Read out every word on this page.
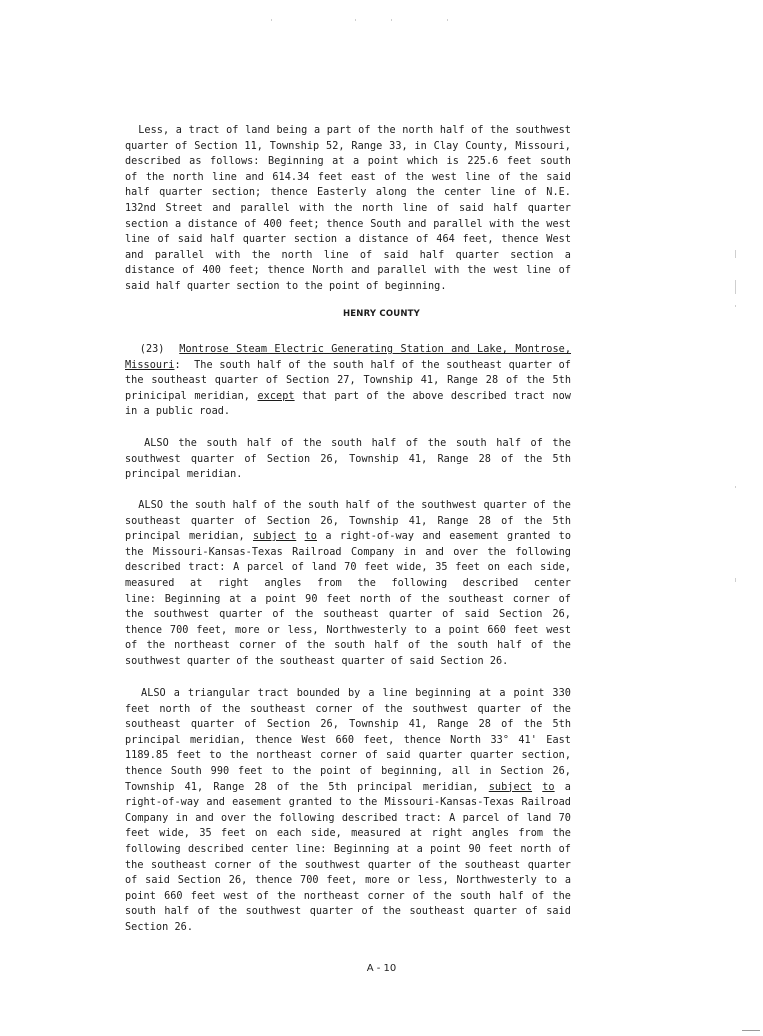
Less, a tract of land being a part of the north half of the southwest
quarter of Section 11, Township 52, Range 33, in Clay County, Missouri,
described as follows: Beginning at a point which is 225.6 feet south
of the north line and 614.34 feet east of the west line of the said
half quarter section; thence Easterly along the center line of N.E.
132nd Street and parallel with the north line of said half quarter
section a distance of 400 feet; thence South and parallel with the west
line of said half quarter section a distance of 464 feet, thence West
and parallel with the north line of said half quarter section a
distance of 400 feet; thence North and parallel with the west line of
said half quarter section to the point of beginning.
HENRY COUNTY
(23)  Montrose Steam Electric Generating Station and Lake, Montrose,
Missouri:  The south half of the south half of the southeast quarter of
the southeast quarter of Section 27, Township 41, Range 28 of the 5th
prinicipal meridian, except that part of the above described tract now
in a public road.
ALSO the south half of the south half of the south half of the
southwest quarter of Section 26, Township 41, Range 28 of the 5th
principal meridian.
ALSO the south half of the south half of the southwest quarter of the
southeast quarter of Section 26, Township 41, Range 28 of the 5th
principal meridian, subject to a right-of-way and easement granted to
the Missouri-Kansas-Texas Railroad Company in and over the following
described tract: A parcel of land 70 feet wide, 35 feet on each side,
measured at right angles from the following described center
line: Beginning at a point 90 feet north of the southeast corner of
the southwest quarter of the southeast quarter of said Section 26,
thence 700 feet, more or less, Northwesterly to a point 660 feet west
of the northeast corner of the south half of the south half of the
southwest quarter of the southeast quarter of said Section 26.
ALSO a triangular tract bounded by a line beginning at a point 330
feet north of the southeast corner of the southwest quarter of the
southeast quarter of Section 26, Township 41, Range 28 of the 5th
principal meridian, thence West 660 feet, thence North 33° 41' East
1189.85 feet to the northeast corner of said quarter quarter section,
thence South 990 feet to the point of beginning, all in Section 26,
Township 41, Range 28 of the 5th principal meridian, subject to a
right-of-way and easement granted to the Missouri-Kansas-Texas Railroad
Company in and over the following described tract: A parcel of land 70
feet wide, 35 feet on each side, measured at right angles from the
following described center line: Beginning at a point 90 feet north of
the southeast corner of the southwest quarter of the southeast quarter
of said Section 26, thence 700 feet, more or less, Northwesterly to a
point 660 feet west of the northeast corner of the south half of the
south half of the southwest quarter of the southeast quarter of said
Section 26.
A - 10
